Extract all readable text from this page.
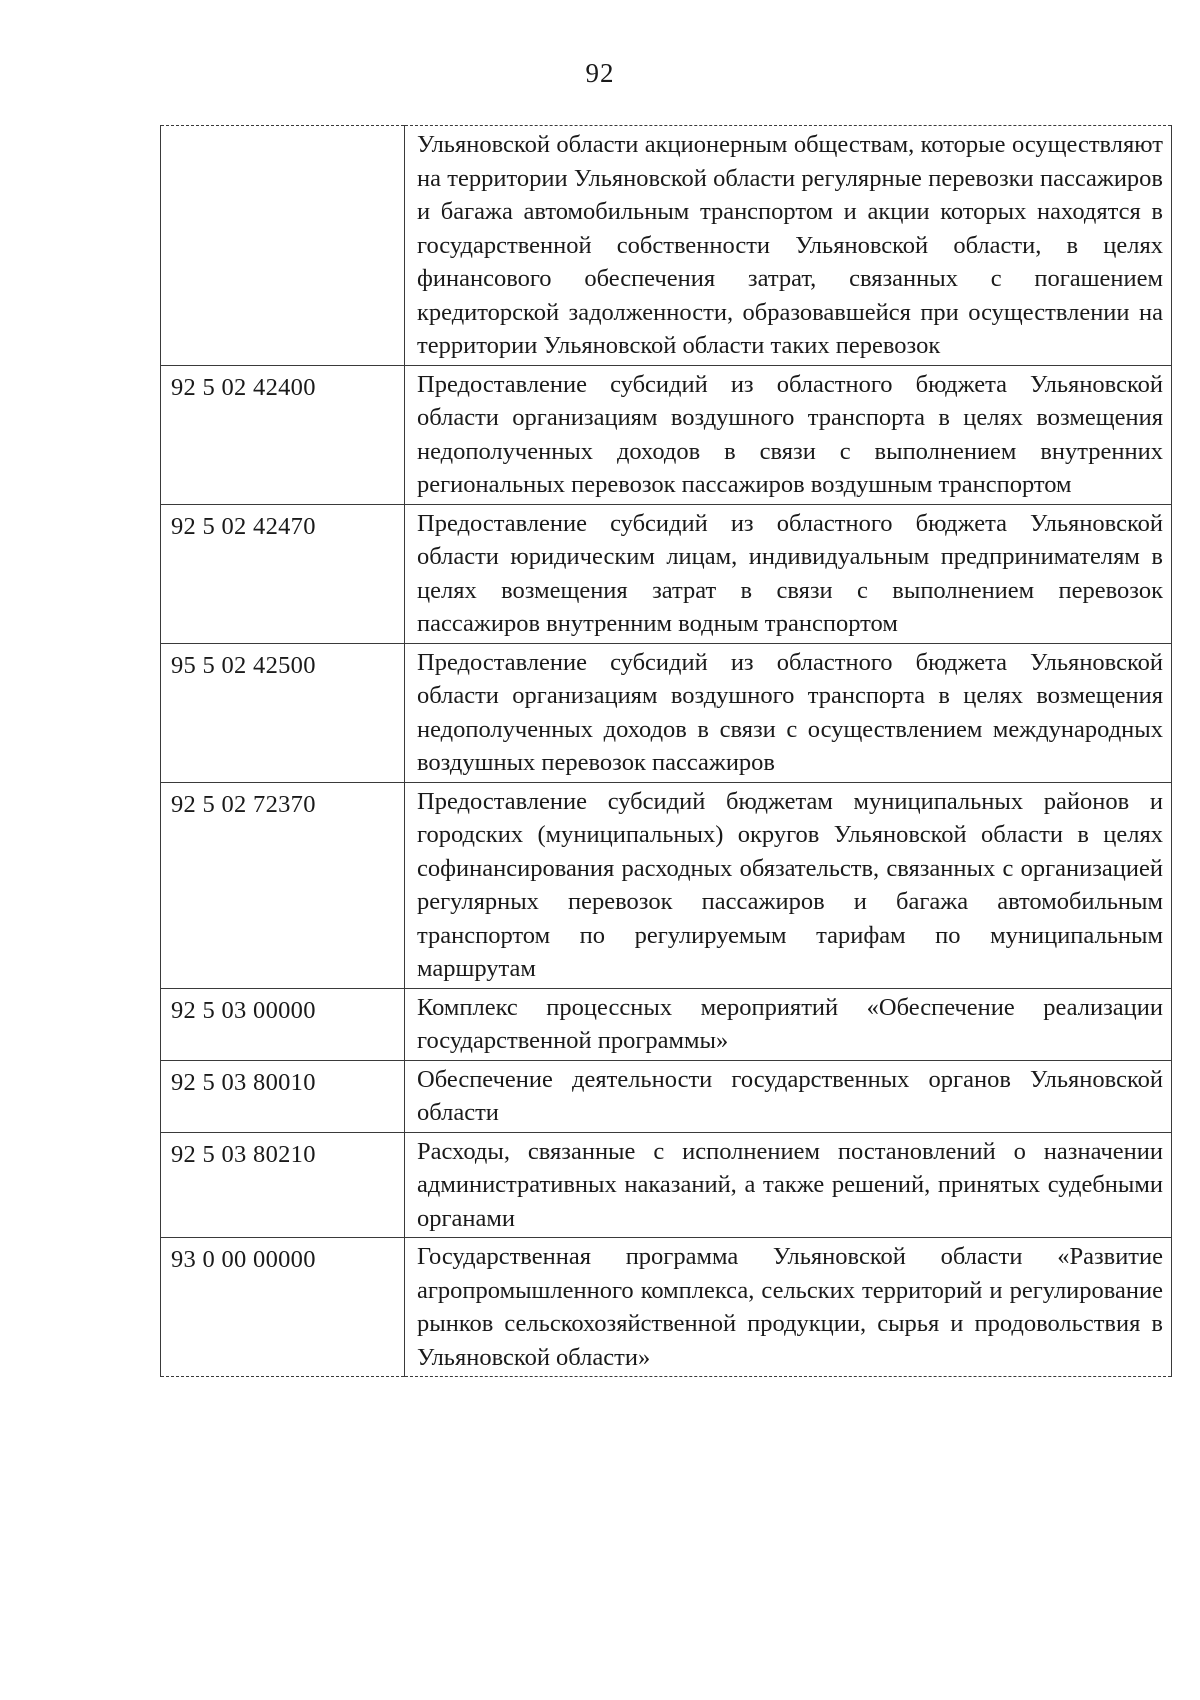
92
	Ульяновской области акционерным обществам, которые осуществляют на территории Ульяновской области регулярные перевозки пассажиров и багажа автомобильным транспортом и акции которых находятся в государственной собственности Ульяновской области, в целях финансового обеспечения затрат, связанных с погашением кредиторской задолженности, образовавшейся при осуществлении на территории Ульяновской области таких перевозок
92 5 02 42400	Предоставление субсидий из областного бюджета Ульяновской области организациям воздушного транспорта в целях возмещения недополученных доходов в связи с выполнением внутренних региональных перевозок пассажиров воздушным транспортом
92 5 02 42470	Предоставление субсидий из областного бюджета Ульяновской области юридическим лицам, индивидуальным предпринимателям в целях возмещения затрат в связи с выполнением перевозок пассажиров внутренним водным транспортом
95 5 02 42500	Предоставление субсидий из областного бюджета Ульяновской области организациям воздушного транспорта в целях возмещения недополученных доходов в связи с осуществлением международных воздушных перевозок пассажиров
92 5 02 72370	Предоставление субсидий бюджетам муниципальных районов и городских (муниципальных) округов Ульяновской области в целях софинансирования расходных обязательств, связанных с организацией регулярных перевозок пассажиров и багажа автомобильным транспортом по регулируемым тарифам по муниципальным маршрутам
92 5 03 00000	Комплекс процессных мероприятий «Обеспечение реализации государственной программы»
92 5 03 80010	Обеспечение деятельности государственных органов Ульяновской области
92 5 03 80210	Расходы, связанные с исполнением постановлений о назначении административных наказаний, а также решений, принятых судебными органами
93 0 00 00000	Государственная программа Ульяновской области «Развитие агропромышленного комплекса, сельских территорий и регулирование рынков сельскохозяйственной продукции, сырья и продовольствия в Ульяновской области»
